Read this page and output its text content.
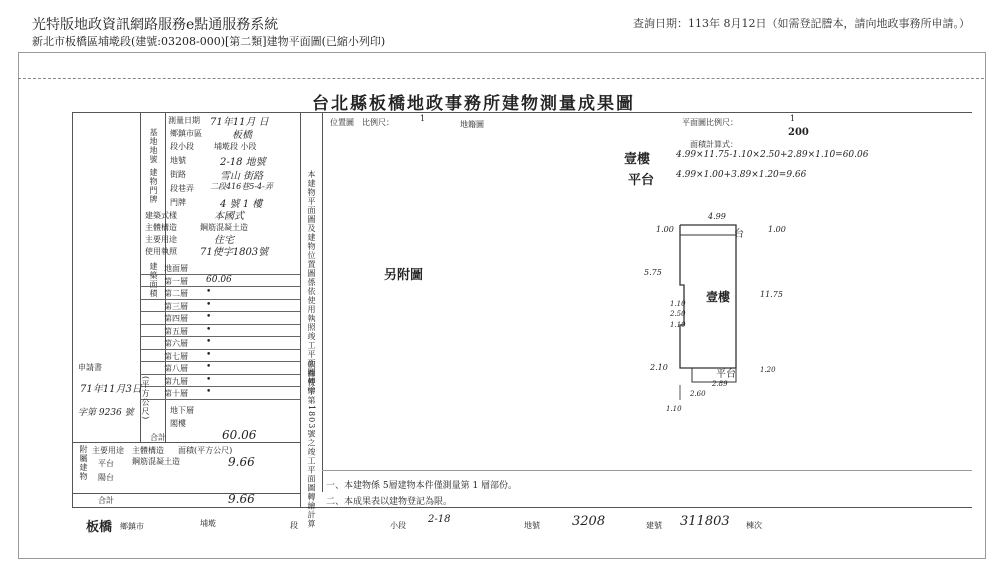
光特版地政資訊網路服務e點通服務系統
新北市板橋區埔墘段(建號:03208-000)[第二類]建物平面圖(已縮小列印)
查詢日期：113年 8月12日（如需登記謄本，請向地政事務所申請。）
台北縣板橋地政事務所建物測量成果圖
測量日期 71年11月 日
基地地號 鄉鎮市區	板橋
段小段	埔墘段 小段
地號	2-18 地號
建物門牌 街路	雪山 街路
段巷弄 二段416巷5-4-弄
門牌	4 號 1 樓
建築式樣	本國式
主體構造	鋼筋混凝土造
主要用途	住宅
使用執照 71使字1803號
建築面積 地面層
第一層 60.06
第二層 •
第三層 •
第四層 •
第五層 •
第六層 •
第七層 •
第八層 •
第九層 •
第十層 •
地下層
閣樓
合計	60.06
(平方公尺)
申請書
71年11月3日
字第 9236 號
附屬建物 主要用途 主體構造 面積(平方公尺)
平台 鋼筋混凝土造	9.66
陽台
合計	9.66
本建物平面圖及建物位置圖係依使用執照竣工平面圖轉繪
依據使字第1803號之竣工平面圖轉繪計算
位置圖 比例尺：	1
地籍圖	平面圖比例尺：	1
200
面積計算式：
壹樓	4.99×11.75-1.10×2.50+2.89×1.10=60.06
平台 4.99×1.00+3.89×1.20=9.66
另附圖
4.99
台
1.00	1.00
壹樓
5.75
11.75
1.10
2.50
1.10
2.10
平台
2.89
1.20
2.60
1.10
一、本建物係 5層建物本件僅測量第 1 層部份。
二、本成果表以建物登記為限。
板橋 鄉鎮市	埔墘	段	小段
2-18
地號 3208	建號 311803 棟次
